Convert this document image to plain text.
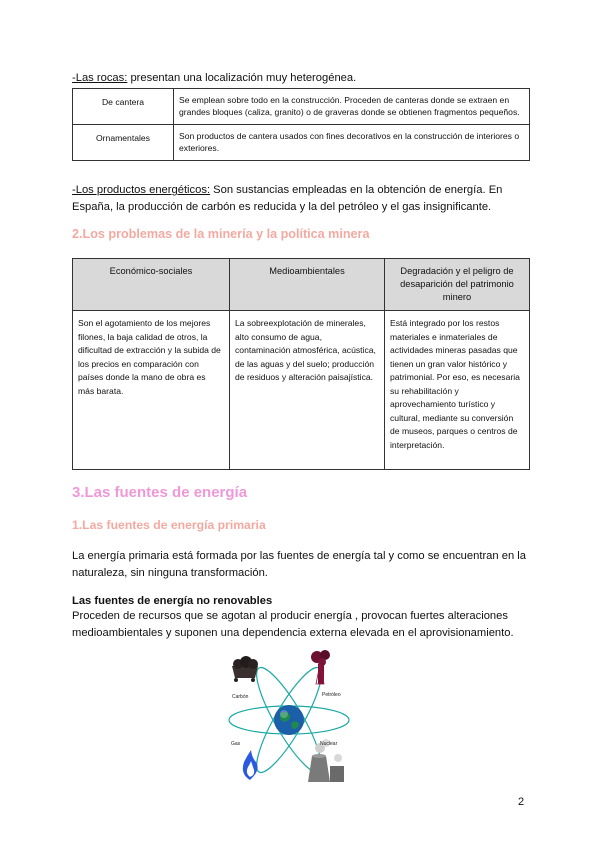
-Las rocas: presentan una localización muy heterogénea.

De cantera	Se emplean sobre todo en la construcción. Proceden de canteras donde se extraen en grandes bloques (caliza, granito) o de graveras donde se obtienen fragmentos pequeños.
Ornamentales	Son productos de cantera usados con fines decorativos en la construcción de interiores o exteriores.

-Los productos energéticos: Son sustancias empleadas en la obtención de energía. En España, la producción de carbón es reducida y la del petróleo y el gas insignificante.

2.Los problemas de la minería y la política minera
Económico-sociales	Medioambientales	Degradación y el peligro de desaparición del patrimonio minero
Son el agotamiento de los mejores filones, la baja calidad de otros, la dificultad de extracción y la subida de los precios en comparación con países donde la mano de obra es más barata.	La sobreexplotación de minerales, alto consumo de agua, contaminación atmosférica, acústica, de las aguas y del suelo; producción de residuos y alteración paisajística.	Está integrado por los restos materiales e inmateriales de actividades mineras pasadas que tienen un gran valor histórico y patrimonial. Por eso, es necesaria su rehabilitación y aprovechamiento turístico y cultural, mediante su conversión de museos, parques o centros de interpretación.
3.Las fuentes de energía
1.Las fuentes de energía primaria

La energía primaria está formada por las fuentes de energía tal y como se encuentran en la naturaleza, sin ninguna transformación.

Las fuentes de energía no renovables

Proceden de recursos que se agotan al producir energía , provocan fuertes alteraciones medioambientales y suponen una dependencia externa elevada en el aprovisionamiento.

Carbón	Petróleo
Gas	Nuclear
2
